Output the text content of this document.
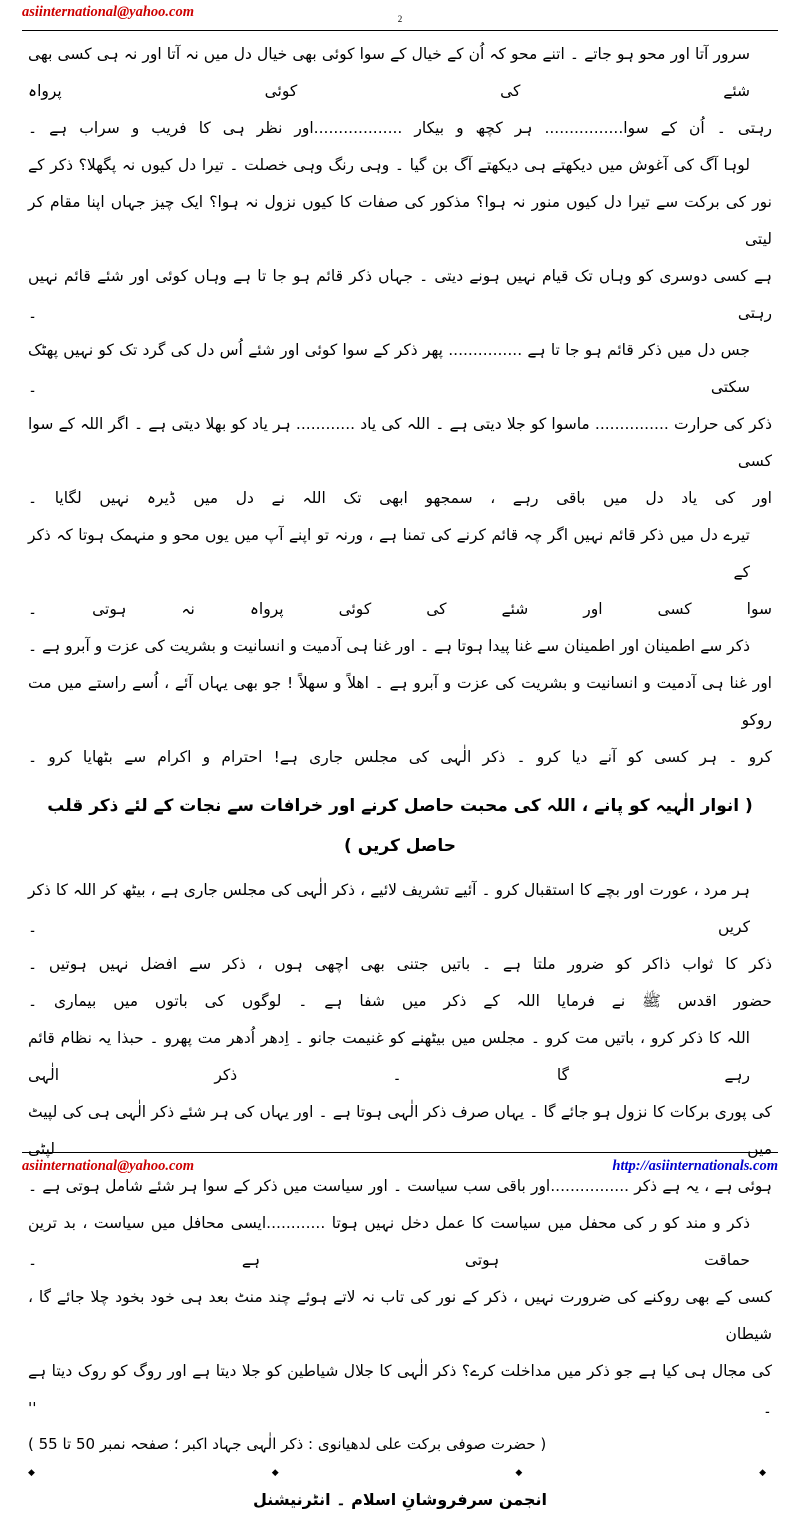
asiinternational@yahoo.com	2

سرور آتا اور محو ہو جاتے ۔ اتنے محو کہ اُن کے خیال کے سوا کوئی بھی خیال دل میں نہ آتا اور نہ ہی کسی بھی شئے کی کوئی پرواہ

رہتی ۔ اُن کے سوا................ ہر کچھ و بیکار ..................اور نظر ہی کا فریب و سراب ہے ۔

لوہا آگ کی آغوش میں دیکھتے ہی دیکھتے آگ بن گیا ۔ وہی رنگ وہی خصلت ۔ تیرا دل کیوں نہ پگھلا؟ ذکر کے

نور کی برکت سے تیرا دل کیوں منور نہ ہوا؟ مذکور کی صفات کا کیوں نزول نہ ہوا؟ ایک چیز جہاں اپنا مقام کر لیتی

ہے کسی دوسری کو وہاں تک قیام نہیں ہونے دیتی ۔ جہاں ذکر قائم ہو جا تا ہے وہاں کوئی اور شئے قائم نہیں رہتی ۔

جس دل میں ذکر قائم ہو جا تا ہے ............... پھر ذکر کے سوا کوئی اور شئے اُس دل کی گرد تک کو نہیں پھٹک سکتی ۔

ذکر کی حرارت ............... ماسوا کو جلا دیتی ہے ۔ اللہ کی یاد ............ ہر یاد کو بھلا دیتی ہے ۔ اگر اللہ کے سوا کسی

اور کی یاد دل میں باقی رہے ، سمجھو ابھی تک اللہ نے دل میں ڈیرہ نہیں لگایا ۔

تیرے دل میں ذکر قائم نہیں اگر چہ قائم کرنے کی تمنا ہے ، ورنہ تو اپنے آپ میں یوں محو و منہمک ہوتا کہ ذکر کے

سوا کسی اور شئے کی کوئی پرواہ نہ ہوتی ۔

ذکر سے اطمینان اور اطمینان سے غنا پیدا ہوتا ہے ۔ اور غنا ہی آدمیت و انسانیت و بشریت کی عزت و آبرو ہے ۔

اور غنا ہی آدمیت و انسانیت و بشریت کی عزت و آبرو ہے ۔ اھلاً و سھلاً ! جو بھی یہاں آئے ، اُسے راستے میں مت روکو

کرو ۔ ہر کسی کو آنے دیا کرو ۔ ذکر الٰہی کی مجلس جاری ہے! احترام و اکرام سے بٹھایا کرو ۔

( انوار الٰہیہ کو پانے ، اللہ کی محبت حاصل کرنے اور خرافات سے نجات کے لئے ذکر قلب حاصل کریں )

ہر مرد ، عورت اور بچے کا استقبال کرو ۔ آئیے تشریف لائیے ، ذکر الٰہی کی مجلس جاری ہے ، بیٹھ کر اللہ کا ذکر کریں ۔

ذکر کا ثواب ذاکر کو ضرور ملتا ہے ۔ باتیں جتنی بھی اچھی ہوں ، ذکر سے افضل نہیں ہوتیں ۔

حضور اقدس ﷺ نے فرمایا اللہ کے ذکر میں شفا ہے ۔ لوگوں کی باتوں میں بیماری ۔

اللہ کا ذکر کرو ، باتیں مت کرو ۔ مجلس میں بیٹھنے کو غنیمت جانو ۔ اِدھر اُدھر مت پھرو ۔ حبذا یہ نظام قائم رہے گا ۔ ذکر الٰہی

کی پوری برکات کا نزول ہو جائے گا ۔ یہاں صرف ذکر الٰہی ہوتا ہے ۔ اور یہاں کی ہر شئے ذکر الٰہی ہی کی لپیٹ میں لپٹی

ہوئی ہے ، یہ ہے ذکر ................اور باقی سب سیاست ۔ اور سیاست میں ذکر کے سوا ہر شئے شامل ہوتی ہے ۔

ذکر و مند کو ر کی محفل میں سیاست کا عمل دخل نہیں ہوتا ............ایسی محافل میں سیاست ، بد ترین حماقت ہوتی ہے ۔

کسی کے بھی روکنے کی ضرورت نہیں ، ذکر کے نور کی تاب نہ لاتے ہوئے چند منٹ بعد ہی خود بخود چلا جائے گا ، شیطان

کی مجال ہی کیا ہے جو ذکر میں مداخلت کرے؟ ذکر الٰہی کا جلال شیاطین کو جلا دیتا ہے اور روگ کو روک دیتا ہے ۔ ''

( حضرت صوفی برکت علی لدھیانوی : ذکر الٰہی جہاد اکبر ؛ صفحہ نمبر 50 تا 55 )

◆ ◆ ◆ ◆

انجمن سرفروشانِ اسلام ۔ انٹرنیشنل

asiinternational@yahoo.com	http://asiinternationals.com
